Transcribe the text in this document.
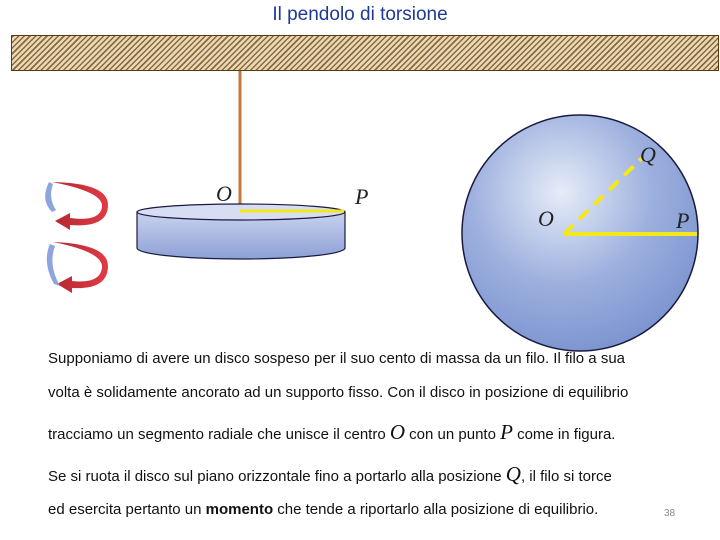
Il pendolo di torsione
O	P
Q
O	P
Supponiamo di avere un disco sospeso per il suo cento di massa da un filo. Il filo a sua
volta è solidamente ancorato ad un supporto fisso. Con il disco in posizione di equilibrio
tracciamo un segmento radiale che unisce il centro O con un punto P come in figura.
Se si ruota il disco sul piano orizzontale fino a portarlo alla posizione Q, il filo si torce
ed esercita pertanto un momento che tende a riportarlo alla posizione di equilibrio.	38
